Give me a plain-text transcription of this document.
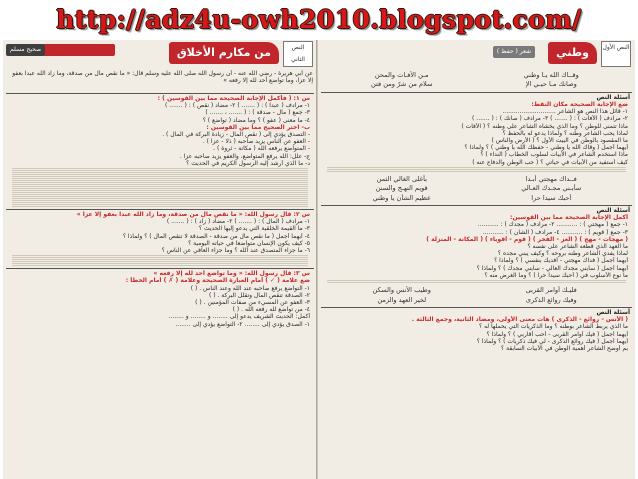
http://adz4u-owh2010.blogspot.com/
النص الثاني
من مكارم الأخلاق
حديث شريف ( حفظ )
صحيح مسلم
عن أبي هريرة - رضي الله عنه - أن رسول الله صلى الله عليه وسلم قال: « ما نقص مال من صدقة، وما زاد الله عبدا بعفو إلا عزا، وما تواضع أحد لله إلا رفعه »
س ١: ( فأكمل الإجابة الصحيحة مما بين القوسين ) :
١- مرادف ( عبدا ) : ( ....... ) ٢- مضاد ( نقص ) : ( ....... )
٣- جمع ( مال - صدقة ) : ( ....... ، ....... )
٤- ما معنى ( عفو ) ؟ وما مضاد ( تواضع ) ؟
ب- اختر الصحيح مما بين القوسين :
- التصدق يؤدي إلى ( نقص المال - زيادة البركة في المال ) .
- العفو عن الناس يزيد صاحبه ( ذلا - عزا ) .
- المتواضع يرفعه الله ( مكانة - ثروة ) .
ج- علل: الله يرفع المتواضع، والعفو يزيد صاحبه عزا .
د- ما الذي أرشد إليه الرسول الكريم في الحديث ؟
س ٢: قال رسول الله: « ما نقص مال من صدقة، وما زاد الله عبدا بعفو إلا عزا »
١- مرادف ( المال ) : ( ....... ) ٢- مضاد ( زاد ) : ( ....... )
٣- ما القيمة الخلقية التي يدعو إليها الحديث ؟
٤- أيهما أجمل ( ما نقص مال من صدقة - الصدقة لا تنقص المال ) ؟ ولماذا ؟
٥- كيف يكون الإنسان متواضعا في حياته اليومية ؟
٦- ما جزاء المتصدق عند الله ؟ وما جزاء العافي عن الناس ؟
س ٣: قال رسول الله: « وما تواضع أحد لله إلا رفعه »
ضع علامة ( ✓ ) أمام العبارة الصحيحة وعلامة ( ✗ ) أمام الخطأ :
١- التواضع يرفع صاحبه عند الله وعند الناس . ( )
٢- الصدقة تنقص المال وتقلل البركة . ( )
٣- العفو عن المسيء من صفات المؤمنين . ( )
٤- من تواضع لله رفعه الله . ( )
أكمل: الحديث الشريف يدعو إلى ........ و ........ و ........
١- الصدق يؤدي إلى ........ ٢- التواضع يؤدي إلى ........
النص الأول
وطني
شعر ( حفظ )
وقــاك الله يـا وطني
مـن الأفـات والمحن
وصانك مـا حيـي الإ
سلام من شرّ ومن فتن
أسئلة النص
ضع الإجابة الصحيحة مكان النقط:
١- قائل هذا النص هو الشاعر ............................
٢- مرادف ( الأفات ) : ( ....... ) ٣- مرادف ( صانك ) : ( ....... )
ماذا تتمنى للوطن ؟ وما الذي يخشاه الشاعر على وطنه ؟ ( الأفات )
لماذا يحب الشاعر وطنه ؟ ولماذا يدعو له بالحفظ ؟
ما المقصود بالوطن في البيت الأول ؟ ( الأرض والناس )
أيهما أجمل ( وقاك الله يا وطني - حفظك الله يا وطني ) ؟ ولماذا ؟
ماذا استخدم الشاعر في الأبيات لسلوب الخطاب ( النداء ) ؟
كيف أستفيد من الأبيات في حياتي ؟ ( حب الوطن والدفاع عنه )
فــداك مهجتي أبـدا
بأغلى الغالي الثمن
سأبـني مجـدك العـالي
قويم النهـج والسنن
أحبك سيدا حرا
عظيم الشأن يا وطني
أسئلة النص
أكمل الإجابة الصحيحة مما بين القوسين:
١- جمع ( مهجتي ) : ........... ٢- مرادف ( مجدك ) : ...........
٣- جمع ( قويم ) : ........... ٤- مرادف ( الشأن ) : ...........
( مهجات - مهج ) ( العز - الفخر ) ( قوم - أقوياء ) ( المكانة - المنزلة )
ما العهد الذي قطعه الشاعر على نفسه ؟
لماذا يفدي الشاعر وطنه بروحه ؟ وكيف يبني مجده ؟
أيهما أجمل ( فداك مهجتي - أفديك بنفسي ) ؟ ولماذا ؟
أيهما أجمل ( سأبني مجدك العالي - سأبني مجدك ) ؟ ولماذا ؟
ما نوع الأسلوب في ( أحبك سيدا حرا ) ؟ وما الغرض منه ؟
فليـك أوامر القربى
وطيب الأنس والسكن
وفيك روائع الذكرى
لخير العهد والزمن
أسئلة النص
( الأنس - روائع - الذكرى ) هات معنى الأولى، ومضاد الثانية، وجمع الثالثة .
ما الذي يربط الشاعر بوطنه ؟ وما الذكريات التي يحملها له ؟
أيهما أجمل ( فيك أوامر القربى - أحب أقاربي ) ؟ ولماذا ؟
أيهما أجمل ( فيك روائع الذكرى - لي فيك ذكريات ) ؟ ولماذا ؟
بم أوضح الشاعر أهمية الوطن في الأبيات السابقة ؟
